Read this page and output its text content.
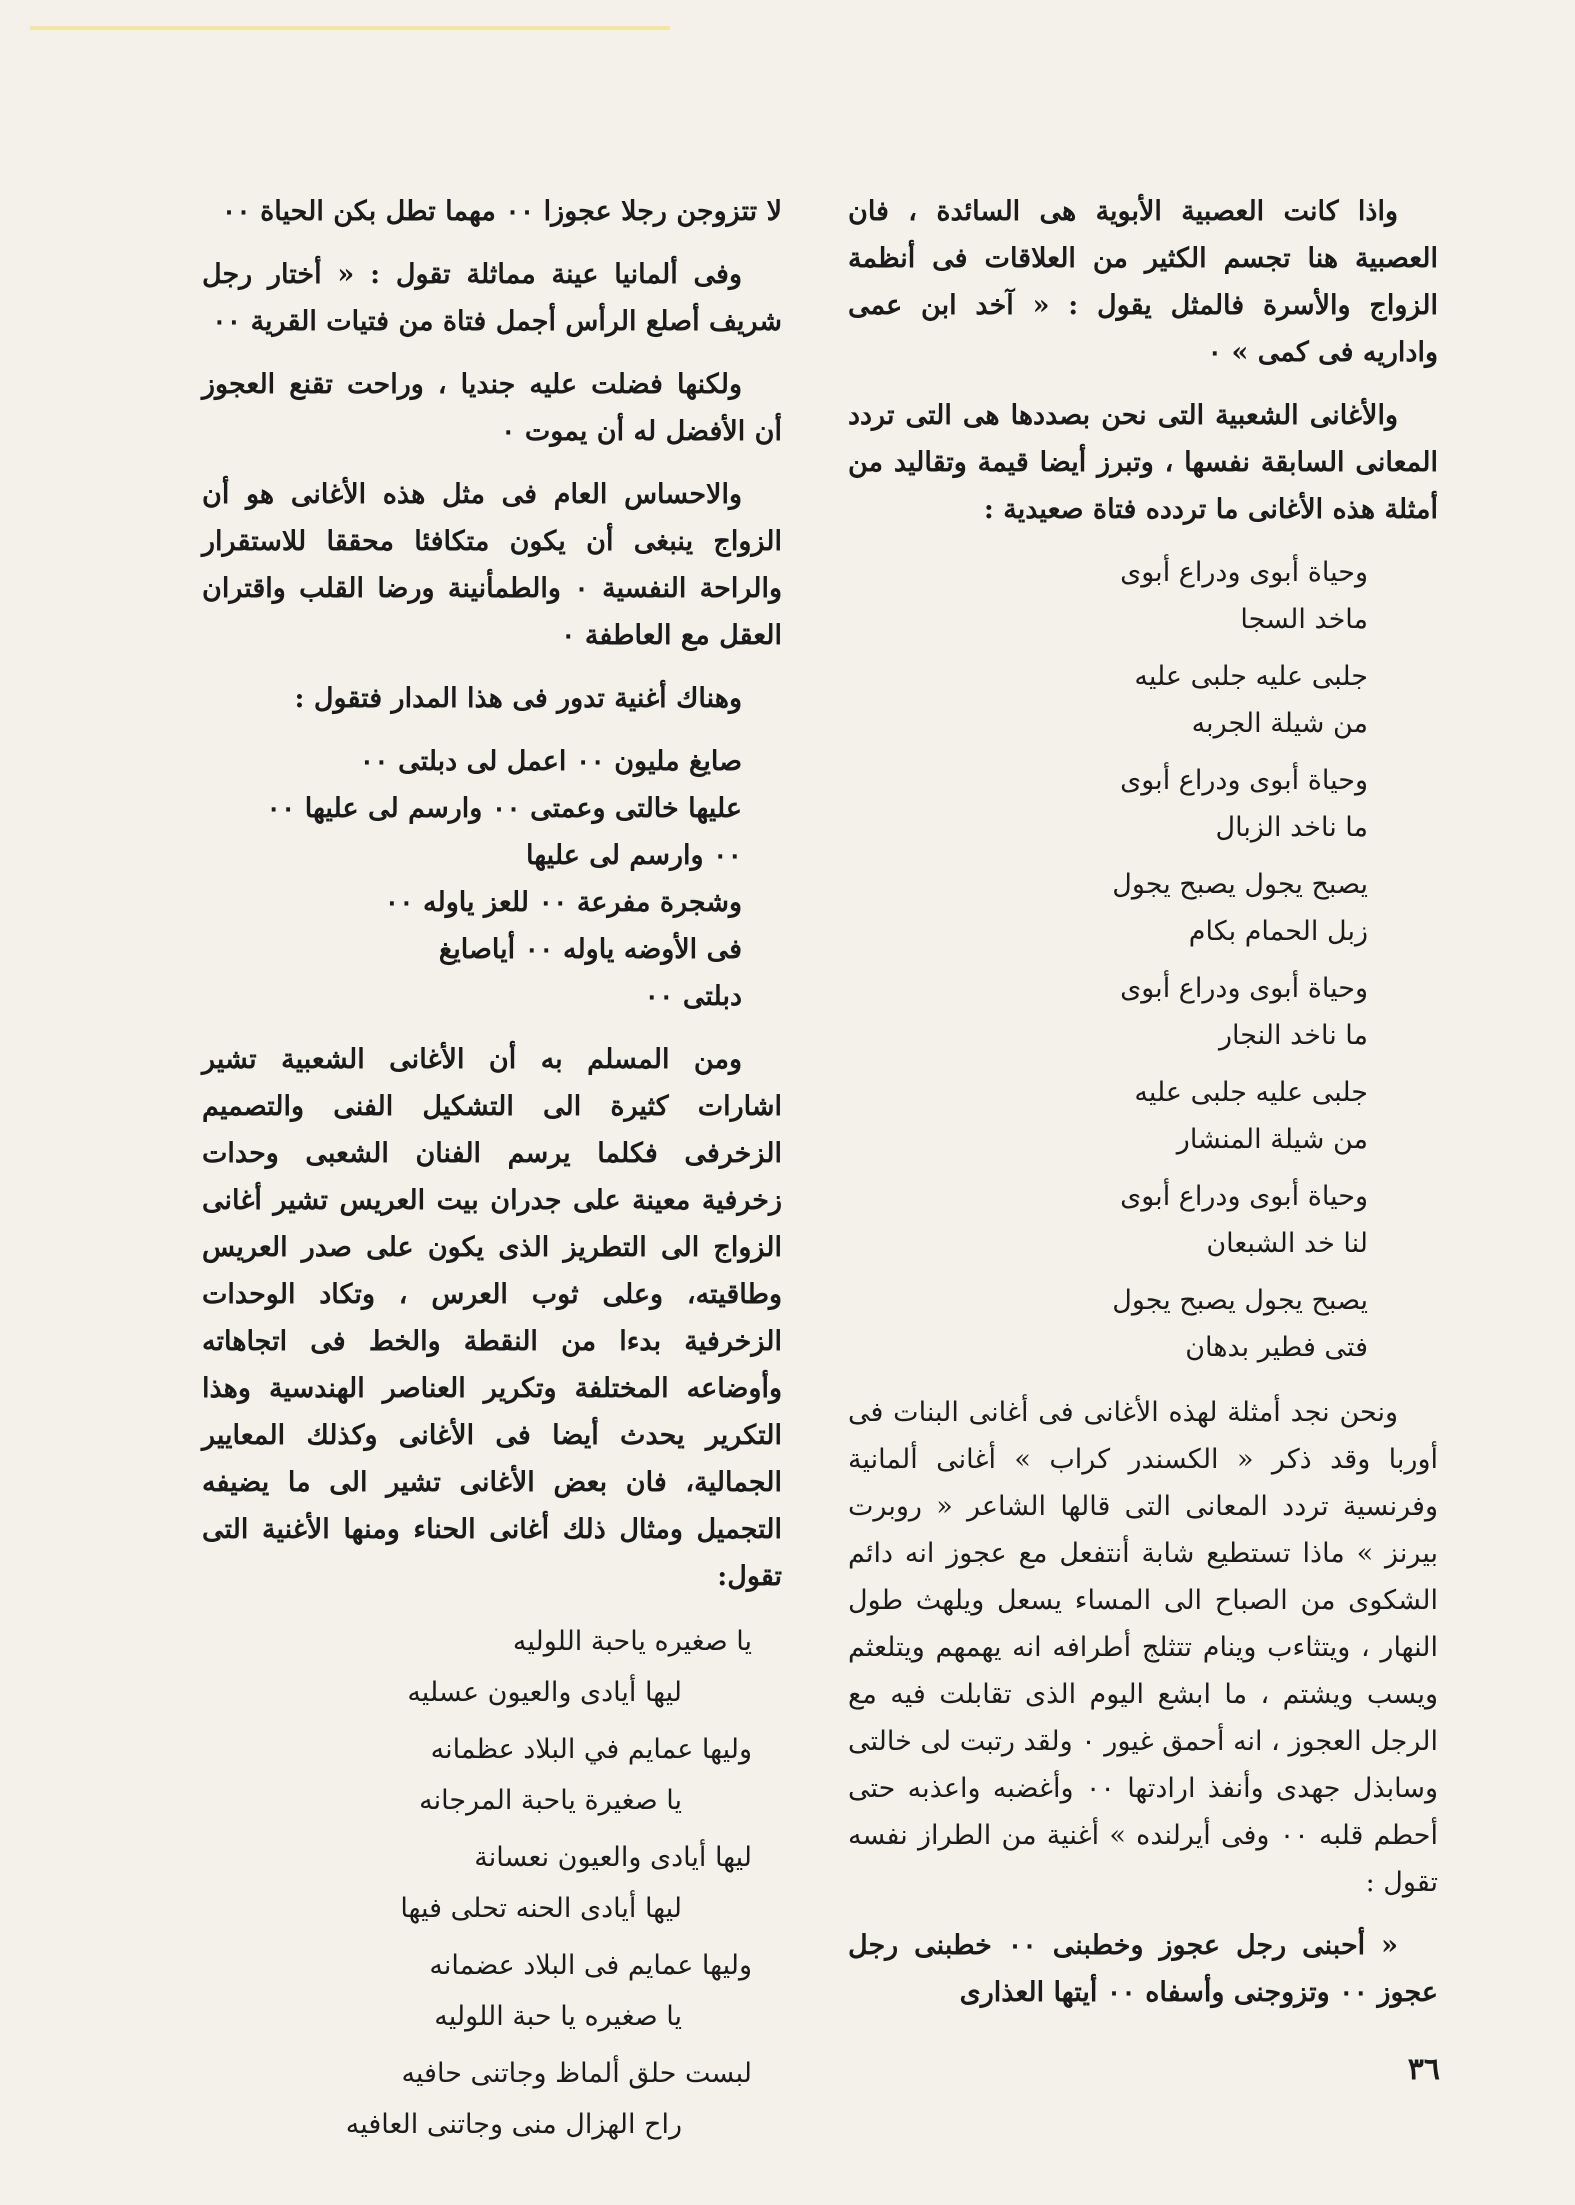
واذا كانت العصبية الأبوية هى السائدة ، فان العصبية هنا تجسم الكثير من العلاقات فى أنظمة الزواج والأسرة فالمثل يقول : « آخد ابن عمى واداريه فى كمى » ٠

والأغانى الشعبية التى نحن بصددها هى التى تردد المعانى السابقة نفسها ، وتبرز أيضا قيمة وتقاليد من أمثلة هذه الأغانى ما تردده فتاة صعيدية :

وحياة أبوى ودراع أبوى
ماخد السجا
جلبى عليه جلبى عليه
من شيلة الجربه
وحياة أبوى ودراع أبوى
ما ناخد الزبال
يصبح يجول يصبح يجول
زبل الحمام بكام
وحياة أبوى ودراع أبوى
ما ناخد النجار
جلبى عليه جلبى عليه
من شيلة المنشار
وحياة أبوى ودراع أبوى
لنا خد الشبعان
يصبح يجول يصبح يجول
فتى فطير بدهان

ونحن نجد أمثلة لهذه الأغانى فى أغانى البنات فى أوربا وقد ذكر « الكسندر كراب » أغانى ألمانية وفرنسية تردد المعانى التى قالها الشاعر « روبرت بيرنز » ماذا تستطيع شابة أنتفعل مع عجوز انه دائم الشكوى من الصباح الى المساء يسعل ويلهث طول النهار ، ويتثاءب وينام تتثلج أطرافه انه يهمهم ويتلعثم ويسب ويشتم ، ما ابشع اليوم الذى تقابلت فيه مع الرجل العجوز ، انه أحمق غيور ٠ ولقد رتبت لى خالتى وسابذل جهدى وأنفذ ارادتها ٠٠ وأغضبه واعذبه حتى أحطم قلبه ٠٠ وفى أيرلنده » أغنية من الطراز نفسه تقول :

« أحبنى رجل عجوز وخطبنى ٠٠ خطبنى رجل عجوز ٠٠ وتزوجنى وأسفاه ٠٠ أيتها العذارى

لا تتزوجن رجلا عجوزا ٠٠ مهما تطل بكن الحياة ٠٠

وفى ألمانيا عينة مماثلة تقول : « أختار رجل شريف أصلع الرأس أجمل فتاة من فتيات القرية ٠٠

ولكنها فضلت عليه جنديا ، وراحت تقنع العجوز أن الأفضل له أن يموت ٠

والاحساس العام فى مثل هذه الأغانى هو أن الزواج ينبغى أن يكون متكافئا محققا للاستقرار والراحة النفسية ٠ والطمأنينة ورضا القلب واقتران العقل مع العاطفة ٠

وهناك أغنية تدور فى هذا المدار فتقول :

صايغ مليون ٠٠ اعمل لى دبلتى ٠٠
عليها خالتى وعمتى ٠٠ وارسم لى عليها ٠٠
٠٠ وارسم لى عليها
وشجرة مفرعة ٠٠ للعز ياوله ٠٠
فى الأوضه ياوله ٠٠ أياصايغ
دبلتى ٠٠

ومن المسلم به أن الأغانى الشعبية تشير اشارات كثيرة الى التشكيل الفنى والتصميم الزخرفى فكلما يرسم الفنان الشعبى وحدات زخرفية معينة على جدران بيت العريس تشير أغانى الزواج الى التطريز الذى يكون على صدر العريس وطاقيته، وعلى ثوب العرس ، وتكاد الوحدات الزخرفية بدءا من النقطة والخط فى اتجاهاته وأوضاعه المختلفة وتكرير العناصر الهندسية وهذا التكرير يحدث أيضا فى الأغانى وكذلك المعايير الجمالية، فان بعض الأغانى تشير الى ما يضيفه التجميل ومثال ذلك أغانى الحناء ومنها الأغنية التى تقول:

يا صغيره ياحبة اللوليه
ليها أيادى والعيون عسليه
وليها عمايم في البلاد عظمانه
يا صغيرة ياحبة المرجانه
ليها أيادى والعيون نعسانة
ليها أيادى الحنه تحلى فيها
وليها عمايم فى البلاد عضمانه
يا صغيره يا حبة اللوليه
لبست حلق ألماظ وجاتنى حافيه
راح الهزال منى وجاتنى العافيه
٣٦
